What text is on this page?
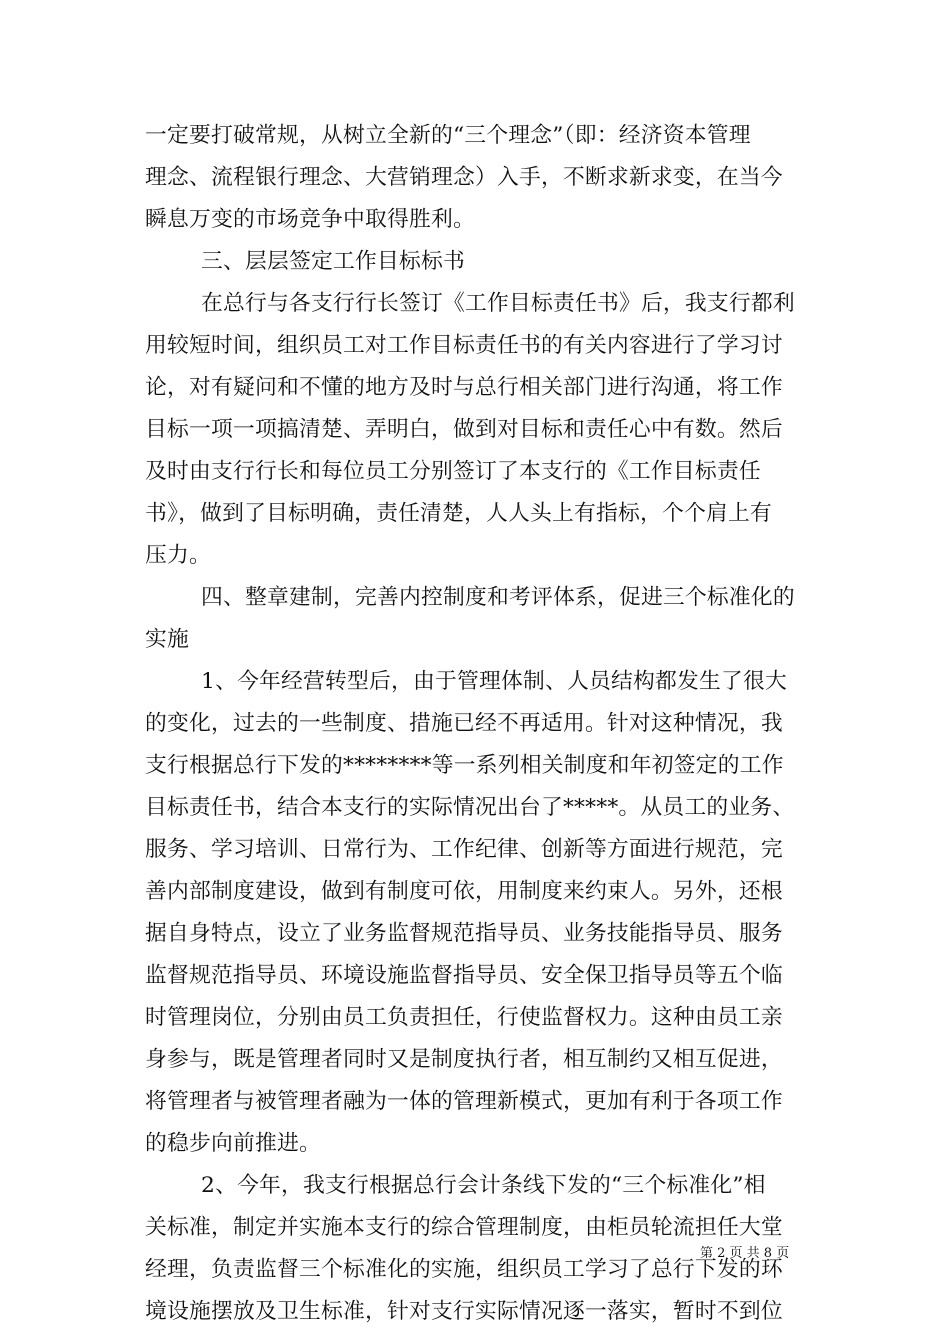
一定要打破常规，从树立全新的“三个理念”（即：经济资本管理
理念、流程银行理念、大营销理念）入手，不断求新求变，在当今
瞬息万变的市场竞争中取得胜利。
三、层层签定工作目标标书
在总行与各支行行长签订《工作目标责任书》后，我支行都利
用较短时间，组织员工对工作目标责任书的有关内容进行了学习讨
论，对有疑问和不懂的地方及时与总行相关部门进行沟通，将工作
目标一项一项搞清楚、弄明白，做到对目标和责任心中有数。然后
及时由支行行长和每位员工分别签订了本支行的《工作目标责任
书》，做到了目标明确，责任清楚，人人头上有指标，个个肩上有
压力。
四、整章建制，完善内控制度和考评体系，促进三个标准化的
实施
1、今年经营转型后，由于管理体制、人员结构都发生了很大
的变化，过去的一些制度、措施已经不再适用。针对这种情况，我
支行根据总行下发的********等一系列相关制度和年初签定的工作
目标责任书，结合本支行的实际情况出台了*****。从员工的业务、
服务、学习培训、日常行为、工作纪律、创新等方面进行规范，完
善内部制度建设，做到有制度可依，用制度来约束人。另外，还根
据自身特点，设立了业务监督规范指导员、业务技能指导员、服务
监督规范指导员、环境设施监督指导员、安全保卫指导员等五个临
时管理岗位，分别由员工负责担任，行使监督权力。这种由员工亲
身参与，既是管理者同时又是制度执行者，相互制约又相互促进，
将管理者与被管理者融为一体的管理新模式，更加有利于各项工作
的稳步向前推进。
2、今年，我支行根据总行会计条线下发的“三个标准化”相
关标准，制定并实施本支行的综合管理制度，由柜员轮流担任大堂
经理，负责监督三个标准化的实施，组织员工学习了总行下发的环
境设施摆放及卫生标准，针对支行实际情况逐一落实，暂时不到位
第 2 页 共 8 页
